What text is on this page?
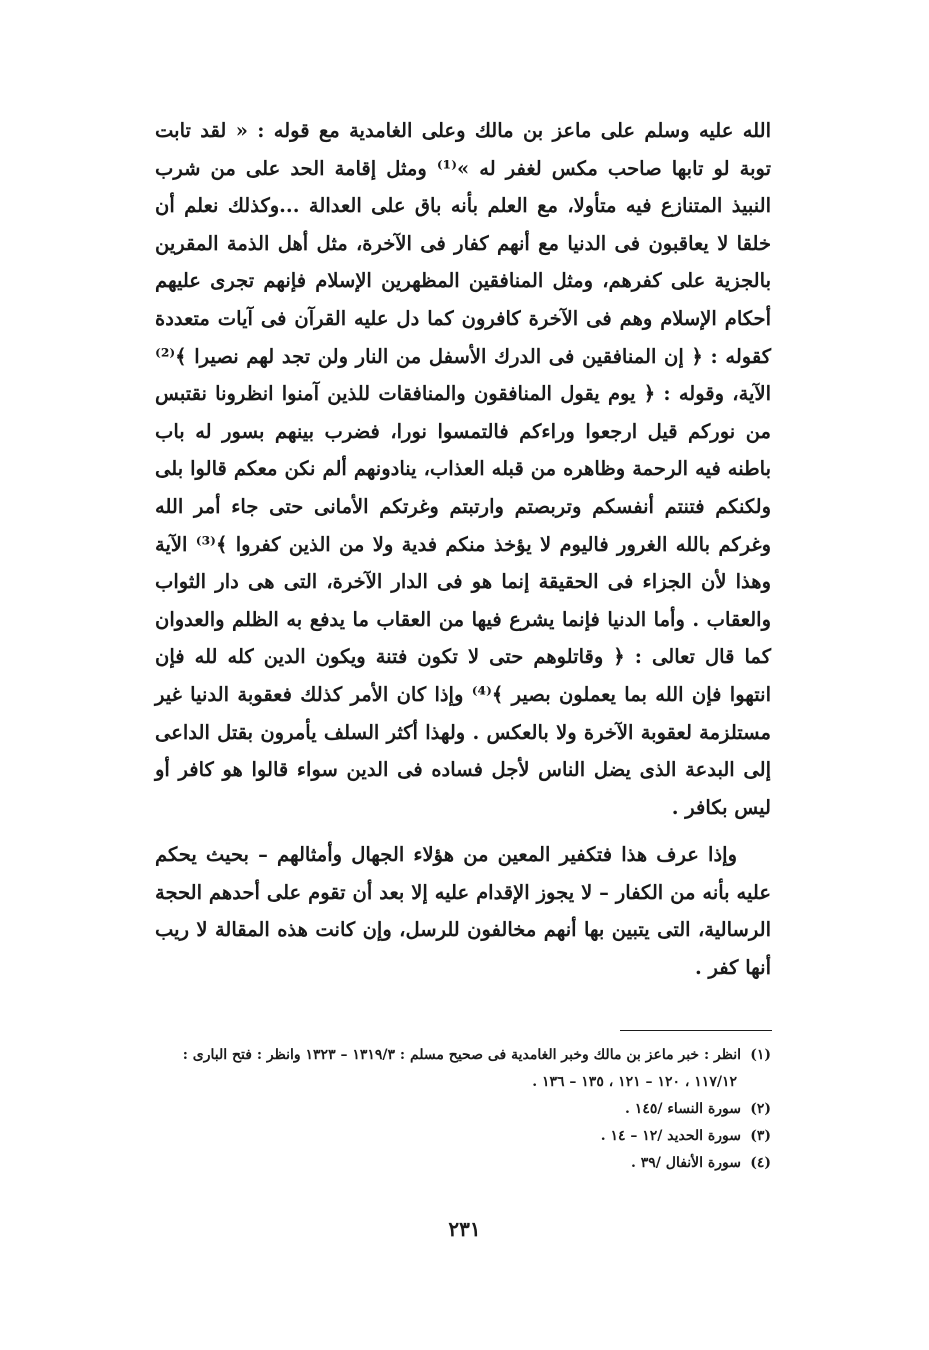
الله عليه وسلم على ماعز بن مالك وعلى الغامدية مع قوله : « لقد تابت توبة لو تابها صاحب مكس لغفر له »⁽¹⁾ ومثل إقامة الحد على من شرب النبيذ المتنازع فيه متأولا، مع العلم بأنه باق على العدالة ...وكذلك نعلم أن خلقا لا يعاقبون فى الدنيا مع أنهم كفار فى الآخرة، مثل أهل الذمة المقرين بالجزية على كفرهم، ومثل المنافقين المظهرين الإسلام فإنهم تجرى عليهم أحكام الإسلام وهم فى الآخرة كافرون كما دل عليه القرآن فى آيات متعددة كقوله : ﴿ إن المنافقين فى الدرك الأسفل من النار ولن تجد لهم نصيرا ﴾⁽²⁾ الآية، وقوله : ﴿ يوم يقول المنافقون والمنافقات للذين آمنوا انظرونا نقتبس من نوركم قيل ارجعوا وراءكم فالتمسوا نورا، فضرب بينهم بسور له باب باطنه فيه الرحمة وظاهره من قبله العذاب، ينادونهم ألم نكن معكم قالوا بلى ولكنكم فتنتم أنفسكم وتربصتم وارتبتم وغرتكم الأمانى حتى جاء أمر الله وغركم بالله الغرور فاليوم لا يؤخذ منكم فدية ولا من الذين كفروا ﴾⁽³⁾ الآية وهذا لأن الجزاء فى الحقيقة إنما هو فى الدار الآخرة، التى هى دار الثواب والعقاب . وأما الدنيا فإنما يشرع فيها من العقاب ما يدفع به الظلم والعدوان كما قال تعالى : ﴿ وقاتلوهم حتى لا تكون فتنة ويكون الدين كله لله فإن انتهوا فإن الله بما يعملون بصير ﴾⁽⁴⁾ وإذا كان الأمر كذلك فعقوبة الدنيا غير مستلزمة لعقوبة الآخرة ولا بالعكس . ولهذا أكثر السلف يأمرون بقتل الداعى إلى البدعة الذى يضل الناس لأجل فساده فى الدين سواء قالوا هو كافر أو ليس بكافر .

وإذا عرف هذا فتكفير المعين من هؤلاء الجهال وأمثالهم – بحيث يحكم عليه بأنه من الكفار – لا يجوز الإقدام عليه إلا بعد أن تقوم على أحدهم الحجة الرسالية، التى يتبين بها أنهم مخالفون للرسل، وإن كانت هذه المقالة لا ريب أنها كفر .

(١)انظر : خبر ماعز بن مالك وخبر الغامدية فى صحيح مسلم : ١٣١٩/٣ – ١٣٢٣ وانظر : فتح البارى : ١١٧/١٢ ، ١٢٠ – ١٢١ ، ١٣٥ – ١٣٦ .

(٢)سورة النساء /١٤٥ .

(٣)سورة الحديد /١٢ – ١٤ .

(٤)سورة الأنفال /٣٩ .

٢٣١
